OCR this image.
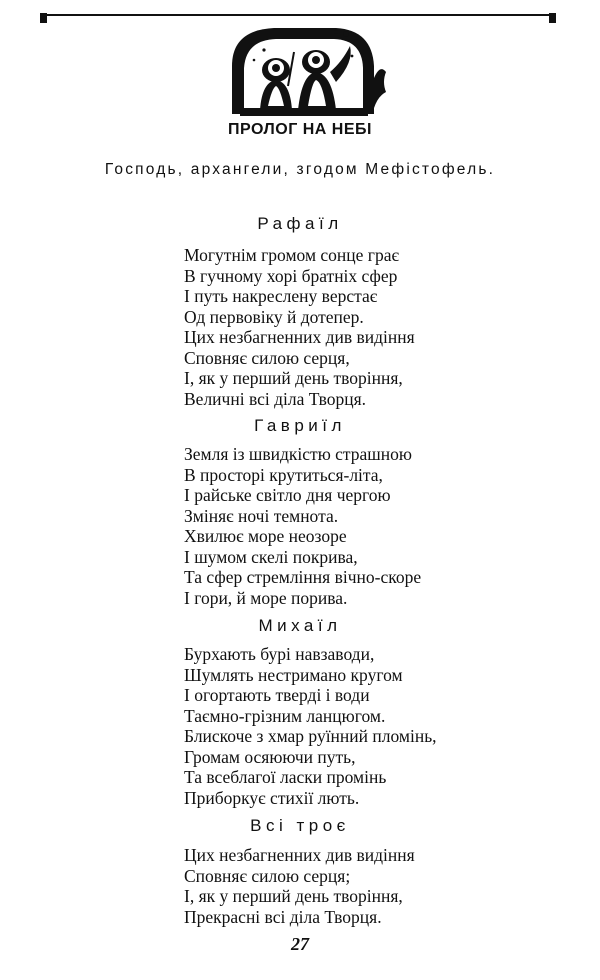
ПРОЛОГ НА НЕБІ
Господь, архангели, згодом Мефістофель.
Рафаїл
Могутнім громом сонце грає
В гучному хорі братніх сфер
І путь накреслену верстає
Од первовіку й дотепер.
Цих незбагненних див видіння
Сповняє силою серця,
І, як у перший день творіння,
Величні всі діла Творця.
Гавриїл
Земля із швидкістю страшною
В просторі крутиться-літа,
І райське світло дня чергою
Зміняє ночі темнота.
Хвилює море неозоре
І шумом скелі покрива,
Та сфер стремління вічно-скоре
І гори, й море порива.
Михаїл
Бурхають бурі навзаводи,
Шумлять нестримано кругом
І огортають тверді і води
Таємно-грізним ланцюгом.
Блискоче з хмар руїнний пломінь,
Громам осяюючи путь,
Та всеблагої ласки промінь
Приборкує стихії лють.
Всі троє
Цих незбагненних див видіння
Сповняє силою серця;
І, як у перший день творіння,
Прекрасні всі діла Творця.
27
